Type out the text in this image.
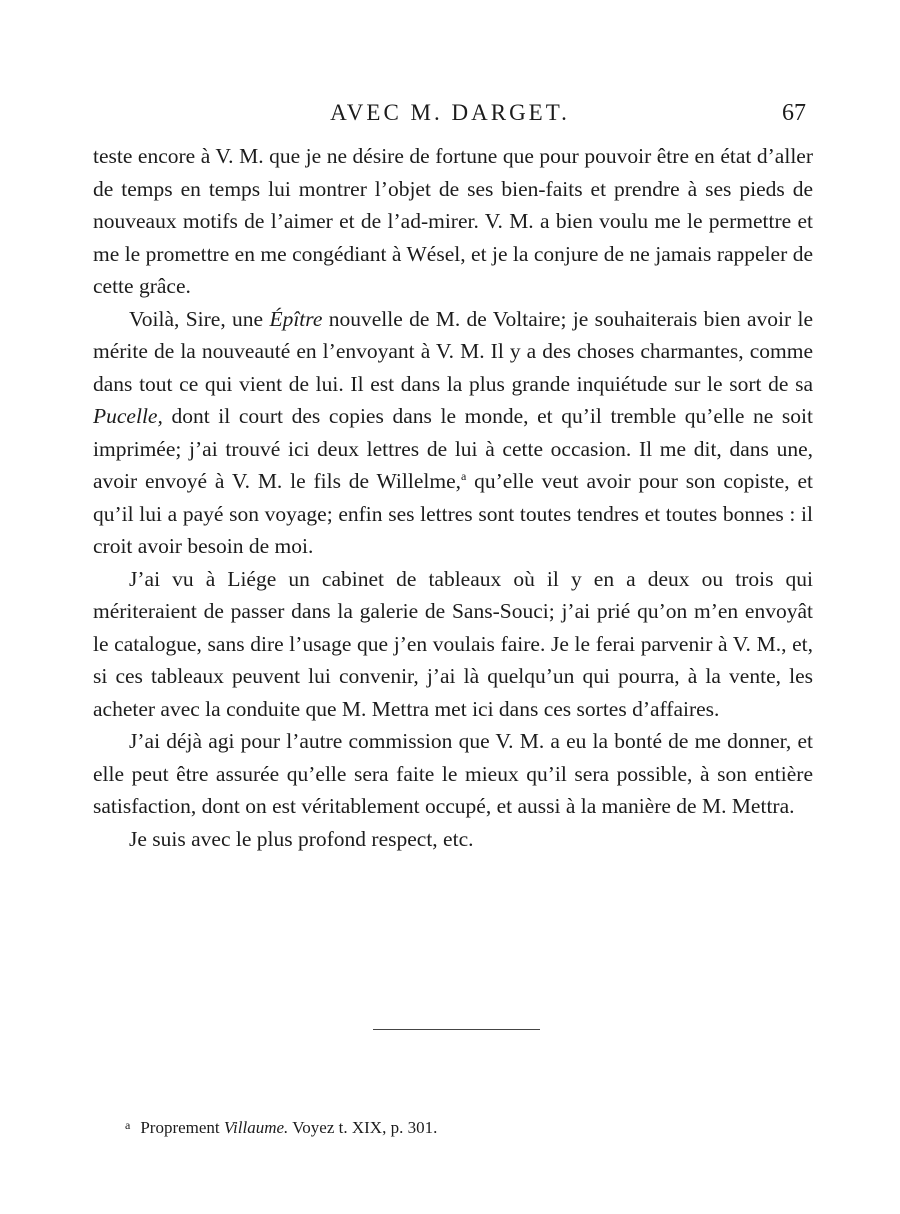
AVEC M. DARGET.	67

teste encore à V. M. que je ne désire de fortune que pour pouvoir être en état d’aller de temps en temps lui montrer l’objet de ses bien-faits et prendre à ses pieds de nouveaux motifs de l’aimer et de l’ad-mirer. V. M. a bien voulu me le permettre et me le promettre en me congédiant à Wésel, et je la conjure de ne jamais rappeler de cette grâce.

Voilà, Sire, une Épître nouvelle de M. de Voltaire; je souhaiterais bien avoir le mérite de la nouveauté en l’envoyant à V. M. Il y a des choses charmantes, comme dans tout ce qui vient de lui. Il est dans la plus grande inquiétude sur le sort de sa Pucelle, dont il court des copies dans le monde, et qu’il tremble qu’elle ne soit imprimée; j’ai trouvé ici deux lettres de lui à cette occasion. Il me dit, dans une, avoir envoyé à V. M. le fils de Willelme,$^a$ qu’elle veut avoir pour son copiste, et qu’il lui a payé son voyage; enfin ses lettres sont toutes tendres et toutes bonnes : il croit avoir besoin de moi.

J’ai vu à Liége un cabinet de tableaux où il y en a deux ou trois qui mériteraient de passer dans la galerie de Sans-Souci; j’ai prié qu’on m’en envoyât le catalogue, sans dire l’usage que j’en voulais faire. Je le ferai parvenir à V. M., et, si ces tableaux peuvent lui convenir, j’ai là quelqu’un qui pourra, à la vente, les acheter avec la conduite que M. Mettra met ici dans ces sortes d’affaires.

J’ai déjà agi pour l’autre commission que V. M. a eu la bonté de me donner, et elle peut être assurée qu’elle sera faite le mieux qu’il sera possible, à son entière satisfaction, dont on est véritablement occupé, et aussi à la manière de M. Mettra.

Je suis avec le plus profond respect, etc.

$^a$ Proprement Villaume. Voyez t. XIX, p. 301.
